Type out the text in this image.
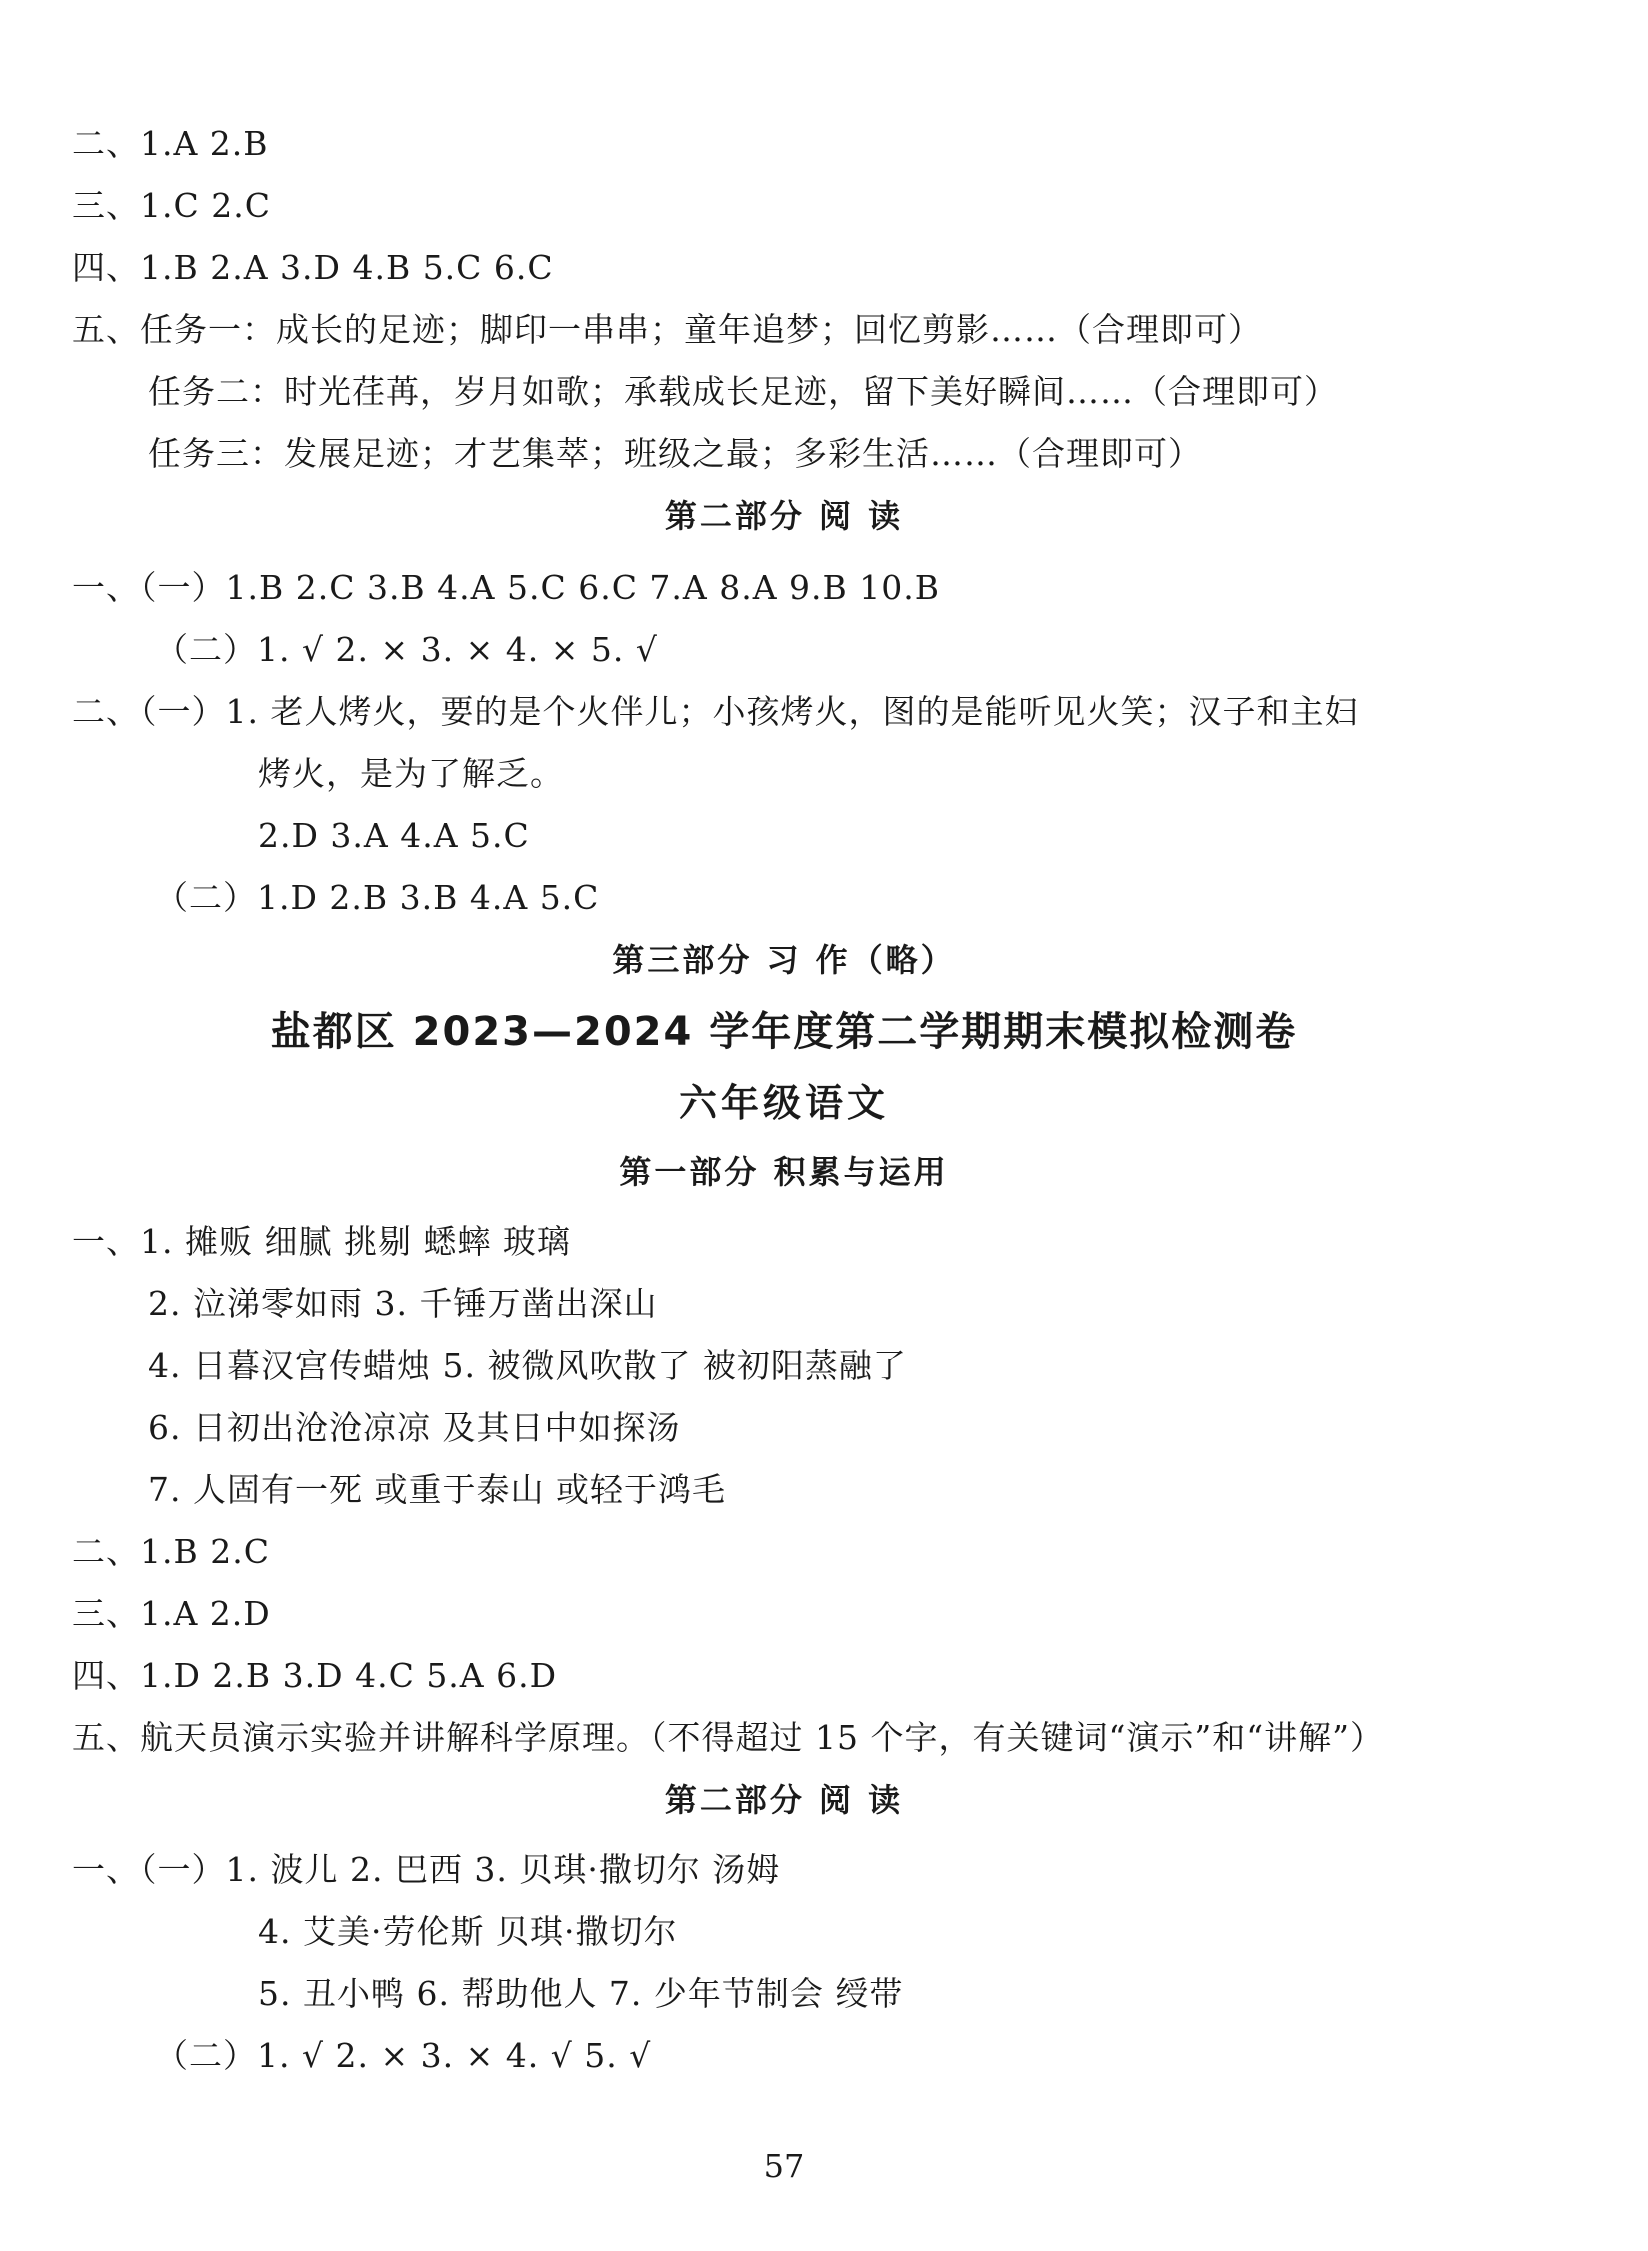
二、1.A 2.B
三、1.C 2.C
四、1.B 2.A 3.D 4.B 5.C 6.C
五、任务一：成长的足迹；脚印一串串；童年追梦；回忆剪影……（合理即可）
任务二：时光荏苒，岁月如歌；承载成长足迹，留下美好瞬间……（合理即可）
任务三：发展足迹；才艺集萃；班级之最；多彩生活……（合理即可）
第二部分 阅 读
一、（一）1.B 2.C 3.B 4.A 5.C 6.C 7.A 8.A 9.B 10.B
（二）1. √ 2. × 3. × 4. × 5. √
二、（一）1. 老人烤火，要的是个火伴儿；小孩烤火，图的是能听见火笑；汉子和主妇
烤火，是为了解乏。
2.D 3.A 4.A 5.C
（二）1.D 2.B 3.B 4.A 5.C
第三部分 习 作（略）
盐都区 2023—2024 学年度第二学期期末模拟检测卷
六年级语文
第一部分 积累与运用
一、1. 摊贩 细腻 挑剔 蟋蟀 玻璃
2. 泣涕零如雨 3. 千锤万凿出深山
4. 日暮汉宫传蜡烛 5. 被微风吹散了 被初阳蒸融了
6. 日初出沧沧凉凉 及其日中如探汤
7. 人固有一死 或重于泰山 或轻于鸿毛
二、1.B 2.C
三、1.A 2.D
四、1.D 2.B 3.D 4.C 5.A 6.D
五、航天员演示实验并讲解科学原理。（不得超过 15 个字，有关键词“演示”和“讲解”）
第二部分 阅 读
一、（一）1. 波儿 2. 巴西 3. 贝琪·撒切尔 汤姆
4. 艾美·劳伦斯 贝琪·撒切尔
5. 丑小鸭 6. 帮助他人 7. 少年节制会 绶带
（二）1. √ 2. × 3. × 4. √ 5. √
57
